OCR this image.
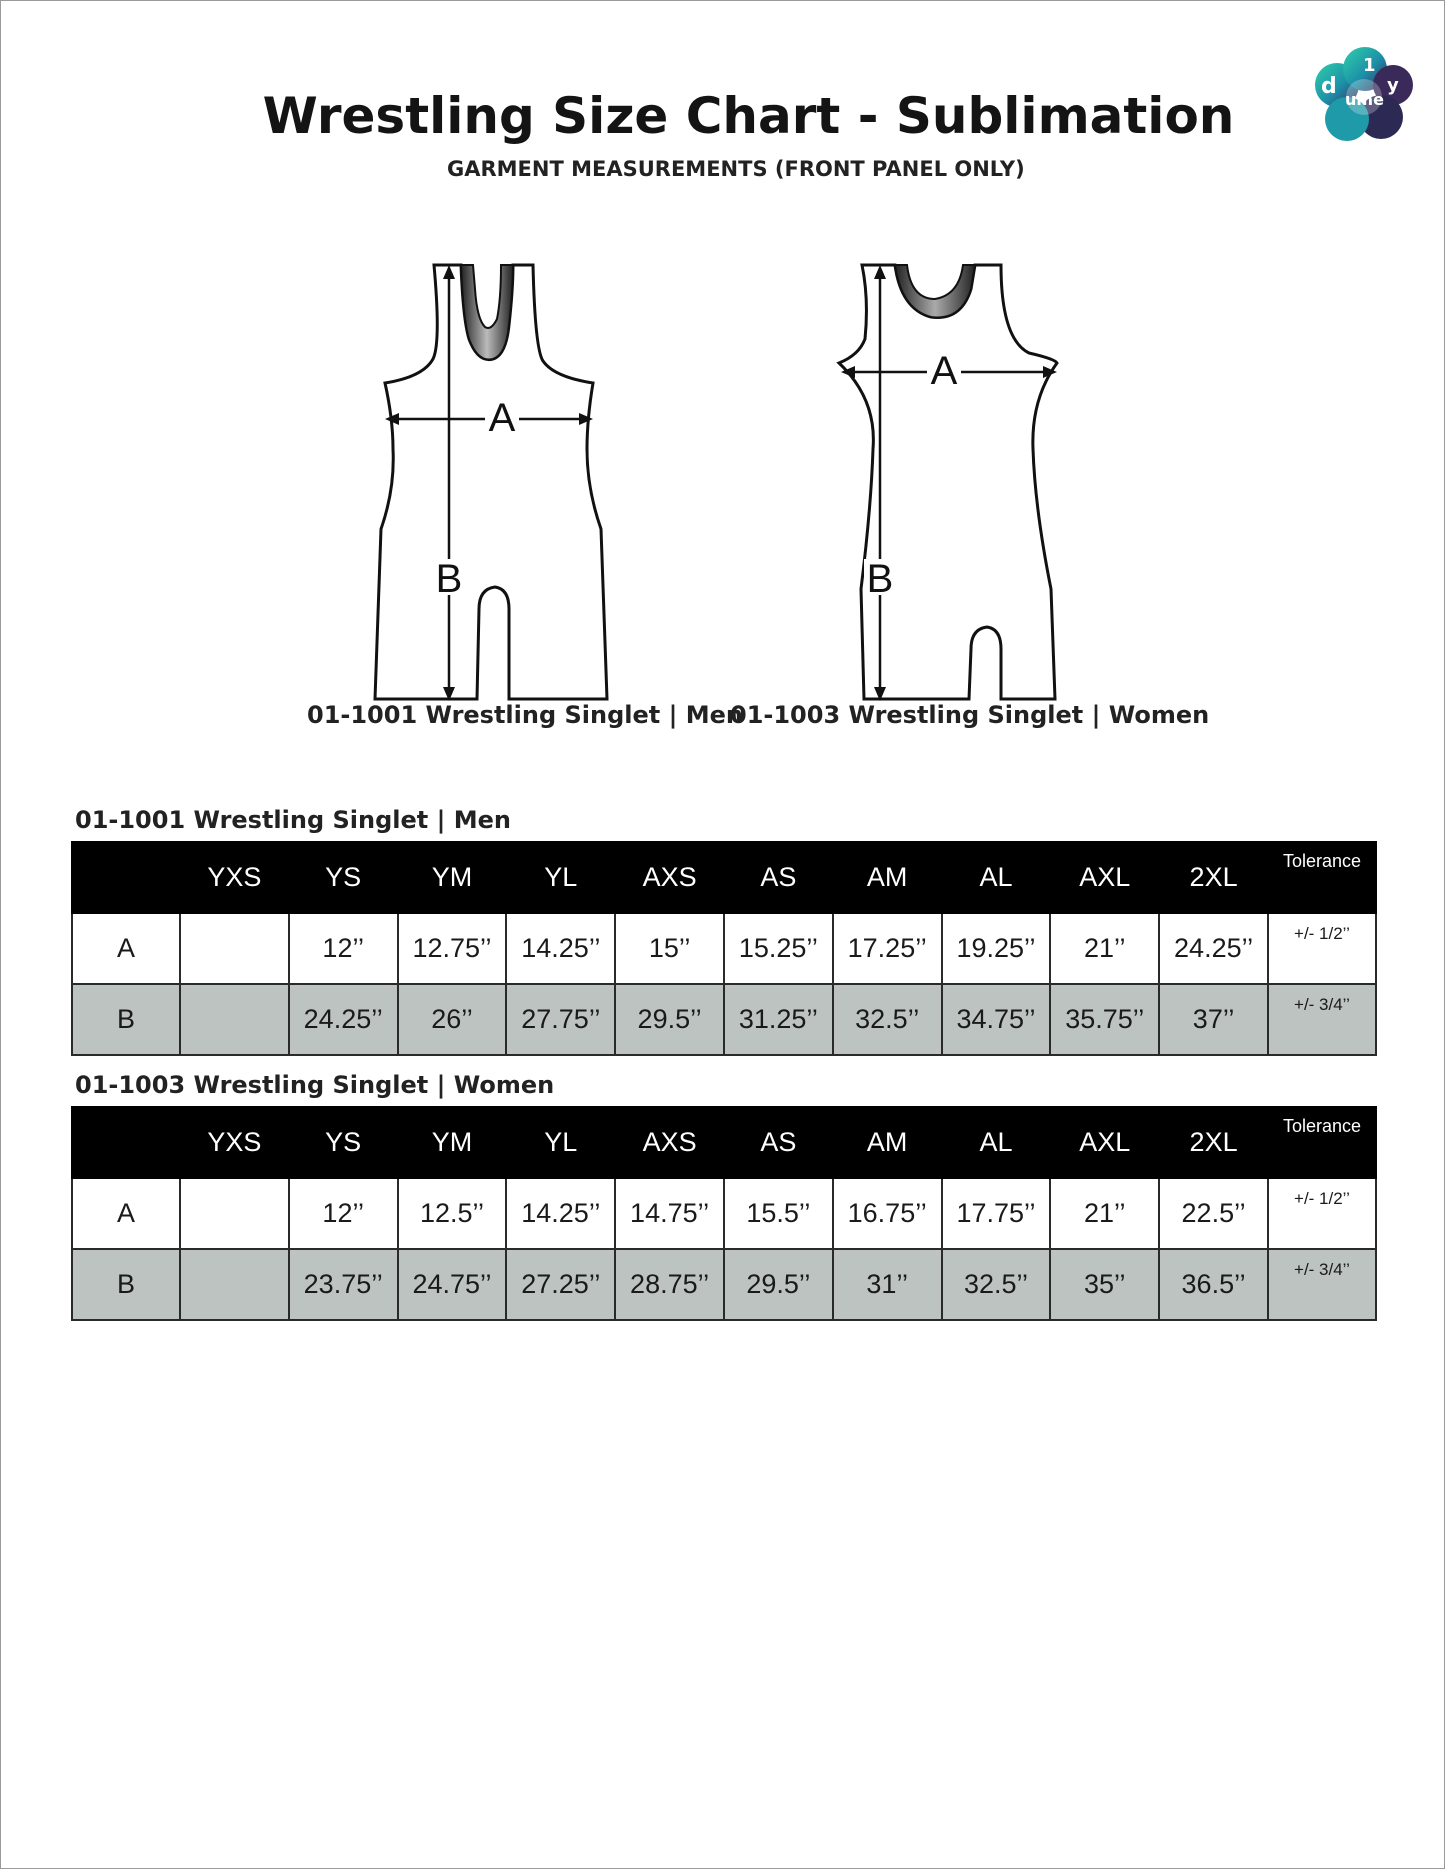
d
1
ume
y
Wrestling Size Chart - Sublimation
GARMENT MEASUREMENTS (FRONT PANEL ONLY)
A
B
01-1001 Wrestling Singlet | Men
A
B
01-1003 Wrestling Singlet | Women
01-1001 Wrestling Singlet | Men
	YXS	YS	YM	YL	AXS	AS	AM	AL	AXL	2XL	Tolerance
A		12’’	12.75’’	14.25’’	15’’	15.25’’	17.25’’	19.25’’	21’’	24.25’’	+/- 1/2’’
B		24.25’’	26’’	27.75’’	29.5’’	31.25’’	32.5’’	34.75’’	35.75’’	37’’	+/- 3/4’’
01-1003 Wrestling Singlet | Women
	YXS	YS	YM	YL	AXS	AS	AM	AL	AXL	2XL	Tolerance
A		12’’	12.5’’	14.25’’	14.75’’	15.5’’	16.75’’	17.75’’	21’’	22.5’’	+/- 1/2’’
B		23.75’’	24.75’’	27.25’’	28.75’’	29.5’’	31’’	32.5’’	35’’	36.5’’	+/- 3/4’’
